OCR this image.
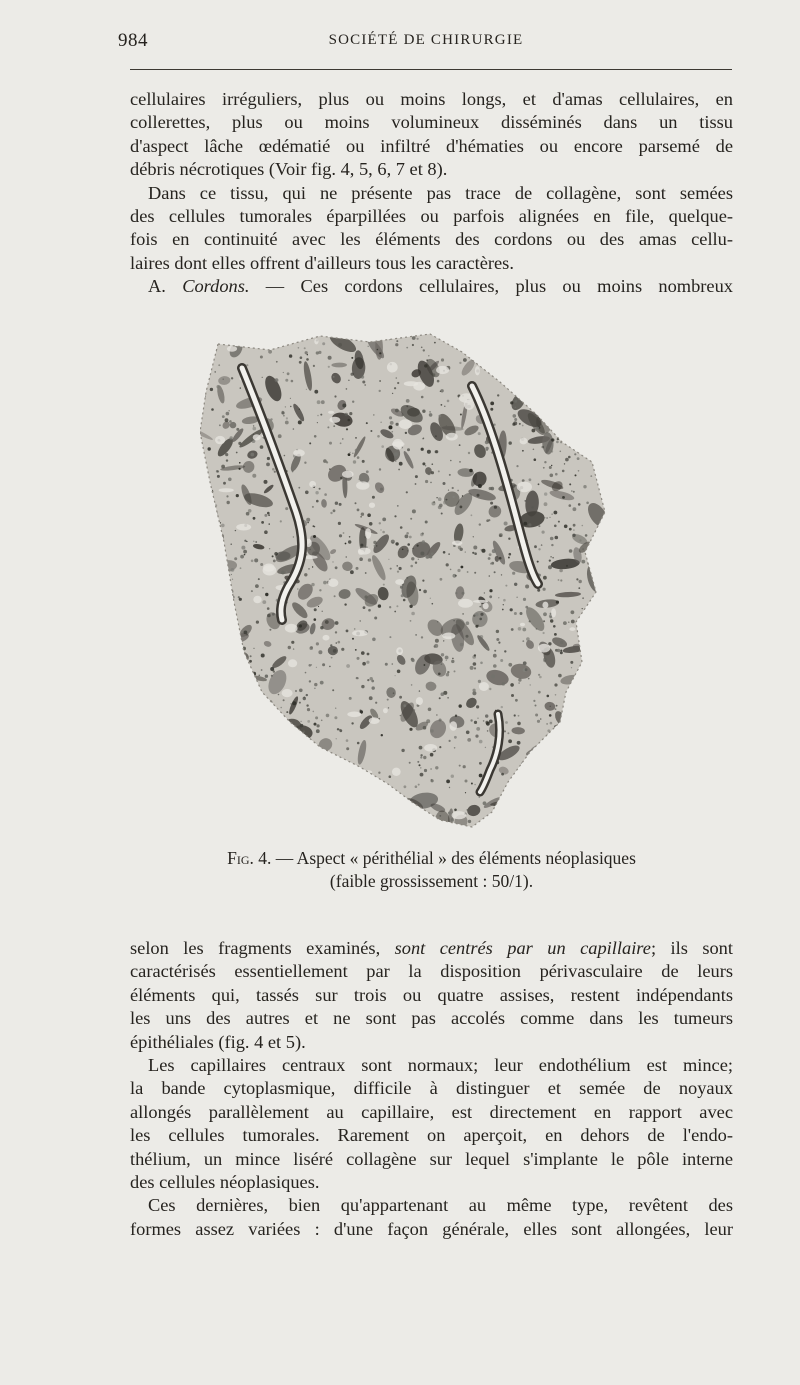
984	SOCIÉTÉ DE CHIRURGIE
cellulaires irréguliers, plus ou moins longs, et d'amas cellulaires, en
collerettes, plus ou moins volumineux disséminés dans un tissu
d'aspect lâche œdématié ou infiltré d'hématies ou encore parsemé de
débris nécrotiques (Voir fig. 4, 5, 6, 7 et 8).
Dans ce tissu, qui ne présente pas trace de collagène, sont semées
des cellules tumorales éparpillées ou parfois alignées en file, quelque-
fois en continuité avec les éléments des cordons ou des amas cellu-
laires dont elles offrent d'ailleurs tous les caractères.
A. Cordons. — Ces cordons cellulaires, plus ou moins nombreux
Fig. 4. — Aspect « périthélial » des éléments néoplasiques
(faible grossissement : 50/1).
selon les fragments examinés, sont centrés par un capillaire; ils sont
caractérisés essentiellement par la disposition périvasculaire de leurs
éléments qui, tassés sur trois ou quatre assises, restent indépendants
les uns des autres et ne sont pas accolés comme dans les tumeurs
épithéliales (fig. 4 et 5).
Les capillaires centraux sont normaux; leur endothélium est mince;
la bande cytoplasmique, difficile à distinguer et semée de noyaux
allongés parallèlement au capillaire, est directement en rapport avec
les cellules tumorales. Rarement on aperçoit, en dehors de l'endo-
thélium, un mince liséré collagène sur lequel s'implante le pôle interne
des cellules néoplasiques.
Ces dernières, bien qu'appartenant au même type, revêtent des
formes assez variées : d'une façon générale, elles sont allongées, leur
